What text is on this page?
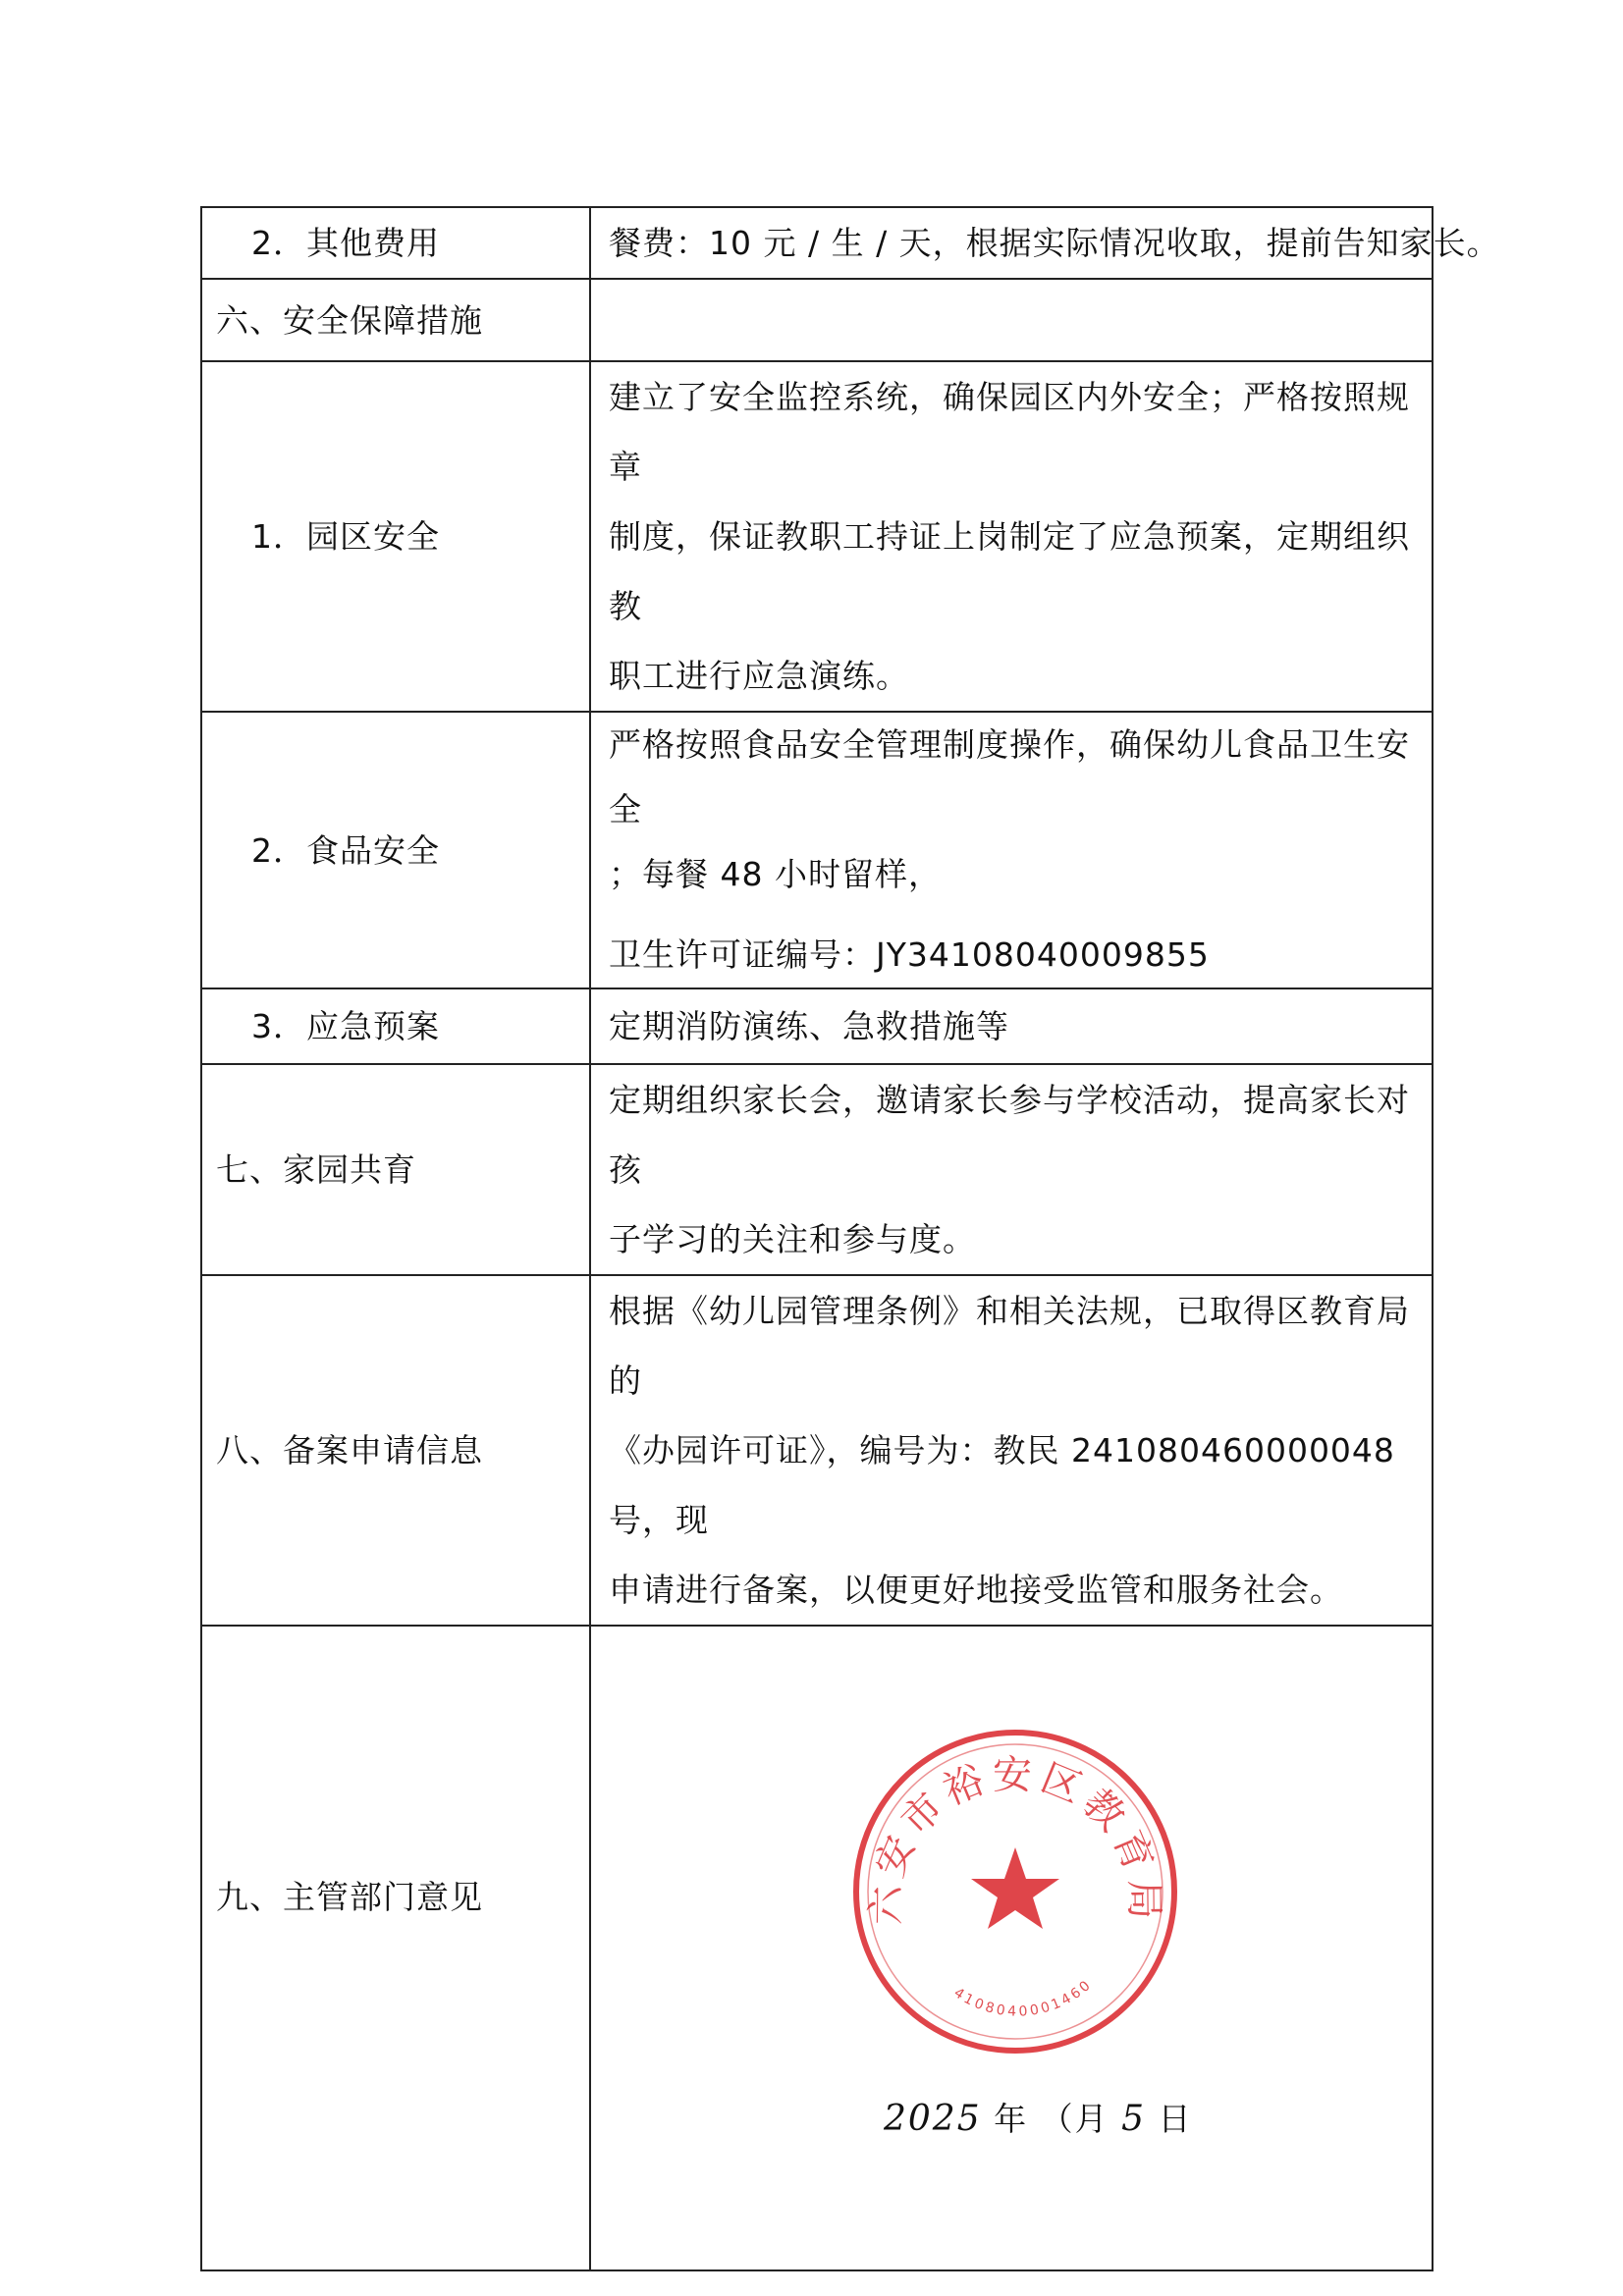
2．其他费用	餐费：10 元 / 生 / 天，根据实际情况收取，提前告知家长。
六、安全保障措施	
1．园区安全	建立了安全监控系统，确保园区内外安全；严格按照规章
制度，保证教职工持证上岗制定了应急预案，定期组织教
职工进行应急演练。

2．食品安全	严格按照食品安全管理制度操作，确保幼儿食品卫生安全
；每餐 48 小时留样，
卫生许可证编号：JY34108040009855

3．应急预案	定期消防演练、急救措施等
七、家园共育	定期组织家长会，邀请家长参与学校活动，提高家长对孩
子学习的关注和参与度。

八、备案申请信息	根据《幼儿园管理条例》和相关法规，已取得区教育局的
《办园许可证》，编号为：教民 241080460000048 号，现
申请进行备案，以便更好地接受监管和服务社会。

九、主管部门意见	六安市裕安区教育局
4108040001460
2025 年 （月 5 日
